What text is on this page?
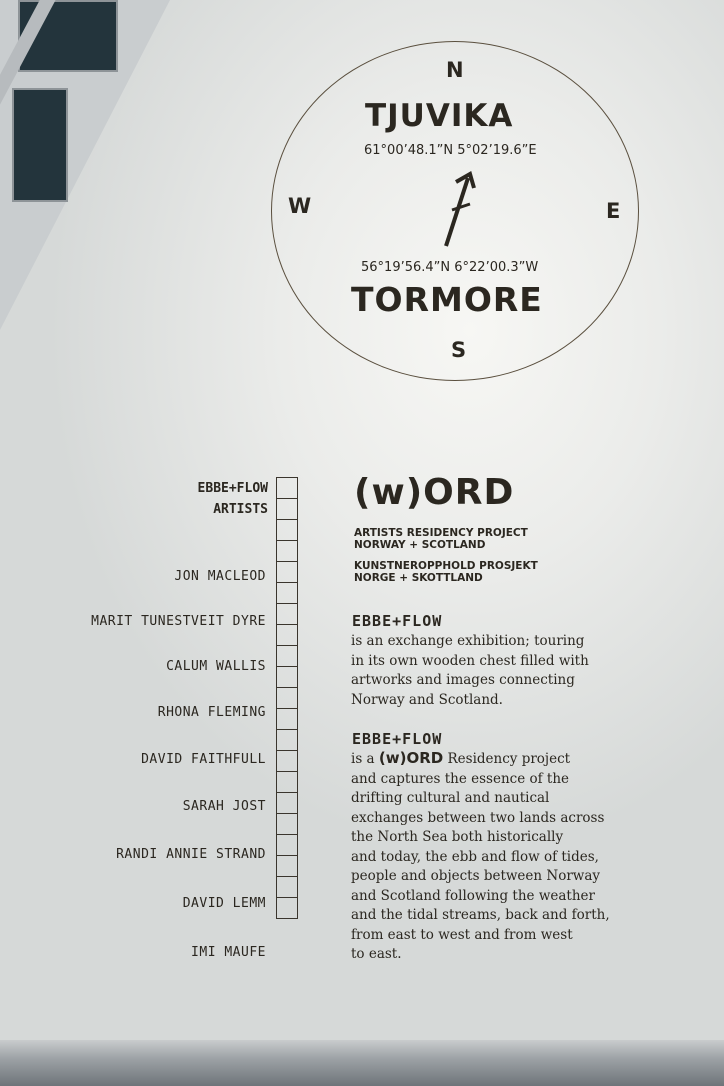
N
W	E
S
TJUVIKA
61°00’48.1”N 5°02’19.6”E
56°19’56.4”N 6°22’00.3”W
TORMORE
EBBE+FLOW
ARTISTS
JON MACLEOD
MARIT TUNESTVEIT DYRE
CALUM WALLIS
RHONA FLEMING
DAVID FAITHFULL
SARAH JOST
RANDI ANNIE STRAND
DAVID LEMM
IMI MAUFE
(w)ORD
ARTISTS RESIDENCY PROJECT
NORWAY + SCOTLAND
KUNSTNEROPPHOLD PROSJEKT
NORGE + SKOTTLAND
EBBE+FLOW
is an exchange exhibition; touring
in its own wooden chest filled with
artworks and images connecting
Norway and Scotland.
EBBE+FLOW
is a (w)ORD Residency project
and captures the essence of the
drifting cultural and nautical
exchanges between two lands across
the North Sea both historically
and today, the ebb and flow of tides,
people and objects between Norway
and Scotland following the weather
and the tidal streams, back and forth,
from east to west and from west
to east.
